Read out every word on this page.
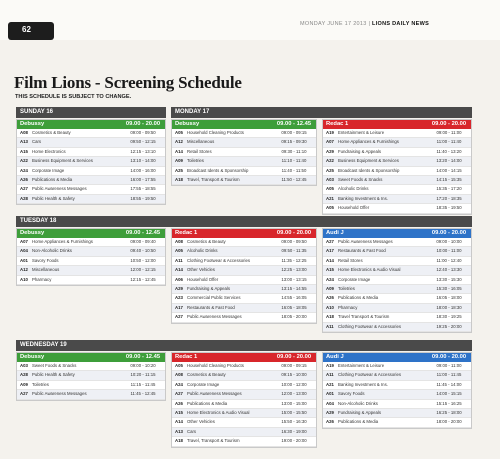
62
MONDAY JUNE 17 2013 | LIONS DAILY NEWS
Film Lions - Screening Schedule
THIS SCHEDULE IS SUBJECT TO CHANGE.
SUNDAY 16
Debussy	09.00 - 20.00
A08 Cosmetics & Beauty	09:00 - 09:50
A13 Cars	09:50 - 12:15
A15 Home Electronics	12:15 - 13:10
A22 Business Equipment & Services	13:10 - 14:00
A24 Corporate Image	14:00 - 16:00
A26 Publications & Media	16:00 - 17:55
A27 Public Awareness Messages	17:55 - 18:55
A28 Public Health & Safety	18:55 - 19:50
MONDAY 17
Debussy	09.00 - 12.45
A05 Household Cleaning Products	09:00 - 09:15
A12 Miscellaneous	09:15 - 09:30
A14 Retail Stores	09:30 - 11:10
A09 Toiletries	11:10 - 11:40
A25 Broadcast Idents & Sponsorship	11:40 - 11:50
A18 Travel, Transport & Tourism	11:50 - 12:45
Redac 1	09.00 - 20.00
A19 Entertainment & Leisure	09:00 - 11:00
A07 Home Appliances & Furnishings	11:00 - 11:40
A29 Fundraising & Appeals	11:40 - 13:20
A22 Business Equipment & Services	13:20 - 14:00
A25 Broadcast Idents & Sponsorship	14:00 - 14:15
A03 Sweet Foods & Snacks	14:15 - 15:35
A05 Alcoholic Drinks	15:35 - 17:20
A21 Banking Investment & Ins.	17:20 - 18:35
A05 Household Offer	18:35 - 19:50
TUESDAY 18
Debussy	09.00 - 12.45
A07 Home Appliances & Furnishings	09:00 - 09:40
A04 Non-Alcoholic Drinks	09:40 - 10:50
A01 Savory Foods	10:50 - 12:00
A12 Miscellaneous	12:00 - 12:15
A10 Pharmacy	12:15 - 12:45
Redac 1	09.00 - 20.00
A08 Cosmetics & Beauty	09:00 - 09:50
A05 Alcoholic Drinks	09:50 - 11:35
A11	Clothing Footwear & Accessories	11:35 - 12:25
A14 Other Vehicles	12:25 - 13:00
A06 Household Offer	13:00 - 13:15
A29 Fundraising & Appeals	13:15 - 14:55
A23 Commercial Public Services	14:55 - 16:05
A17 Restaurants & Fast Food	16:05 - 18:05
A27 Public Awareness Messages	18:05 - 20:00
Audi J	09.00 - 20.00
A27 Public Awareness Messages	09:00 - 10:00
A17 Restaurants & Fast Food	10:00 - 11:00
A14 Retail Stores	11:00 - 12:40
A15 Home Electronics & Audio Visual	12:40 - 13:30
A24 Corporate Image	13:30 - 15:30
A09 Toiletries	15:30 - 16:05
A26 Publications & Media	16:05 - 18:00
A10 Pharmacy	18:00 - 18:30
A18 Travel Transport & Tourism	18:30 - 19:25
A11	Clothing Footwear & Accessories	19:25 - 20:00
WEDNESDAY 19
Debussy	09.00 - 12.45
A03 Sweet Foods & Snacks	09:00 - 10:20
A28 Public Health & Safety	10:20 - 11:15
A09 Toiletries	11:15 - 11:45
A27 Public Awareness Messages	11:45 - 12:45
Redac 1	09.00 - 20.00
A05 Household Cleaning Products	09:00 - 09:15
A08 Cosmetics & Beauty	09:15 - 10:00
A24 Corporate Image	10:00 - 12:00
A27 Public Awareness Messages	12:00 - 13:00
A26 Publications & Media	13:00 - 15:00
A15 Home Electronics & Audio Visual	15:00 - 15:50
A14 Other Vehicles	15:50 - 16:30
A13 Cars	16:30 - 19:00
A18 Travel, Transport & Tourism	19:00 - 20:00
Audi J	09.00 - 20.00
A19 Entertainment & Leisure	09:00 - 11:00
A11	Clothing Footwear & Accessories	11:00 - 11:45
A21 Banking Investment & Ins.	11:45 - 14:00
A01 Savory Foods	14:00 - 15:15
A04 Non-Alcoholic Drinks	15:15 - 16:25
A29 Fundraising & Appeals	16:25 - 18:00
A26 Publications & Media	18:00 - 20:00
